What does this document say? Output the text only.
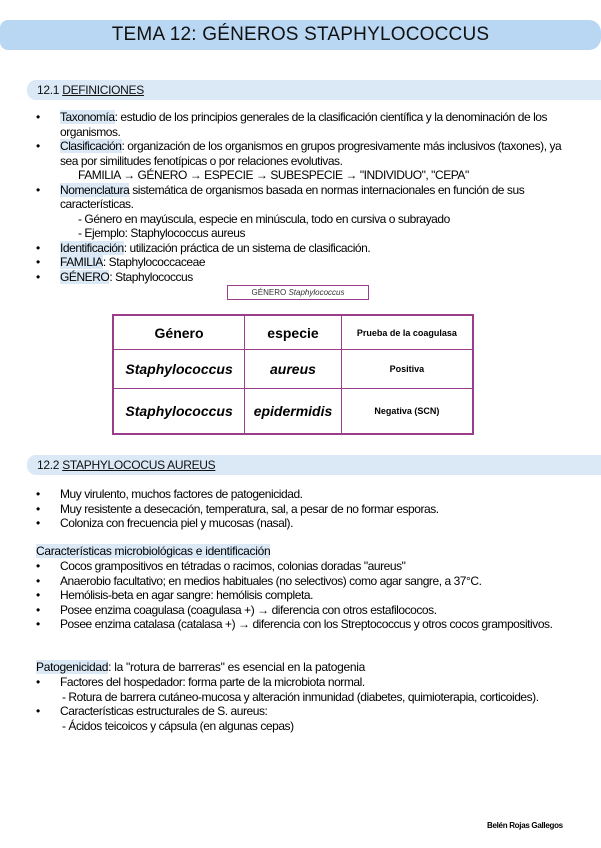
TEMA 12: GÉNEROS STAPHYLOCOCCUS
12.1 DEFINICIONES
• Taxonomía: estudio de los principios generales de la clasificación científica y la denominación de los organismos.
• Clasificación: organización de los organismos en grupos progresivamente más inclusivos (taxones), ya sea por similitudes fenotípicas o por relaciones evolutivas.
FAMILIA → GÉNERO → ESPECIE → SUBESPECIE → "INDIVIDUO", "CEPA"
• Nomenclatura sistemática de organismos basada en normas internacionales en función de sus características.
- Género en mayúscula, especie en minúscula, todo en cursiva o subrayado
- Ejemplo: Staphylococcus aureus
• Identificación: utilización práctica de un sistema de clasificación.
• FAMILIA: Staphylococcaceae
• GÉNERO: Staphylococcus
GÉNERO Staphylococcus
Género	especie	Prueba de la coagulasa
Staphylococcus	aureus	Positiva
Staphylococcus	epidermidis	Negativa (SCN)
12.2 STAPHYLOCOCUS AUREUS
• Muy virulento, muchos factores de patogenicidad.
• Muy resistente a desecación, temperatura, sal, a pesar de no formar esporas.
• Coloniza con frecuencia piel y mucosas (nasal).
Características microbiológicas e identificación
• Cocos grampositivos en tétradas o racimos, colonias doradas "aureus"
• Anaerobio facultativo; en medios habituales (no selectivos) como agar sangre, a 37°C.
• Hemólisis-beta en agar sangre: hemólisis completa.
• Posee enzima coagulasa (coagulasa +) → diferencia con otros estafilococos.
• Posee enzima catalasa (catalasa +) → diferencia con los Streptococcus y otros cocos grampositivos.
Patogenicidad: la "rotura de barreras" es esencial en la patogenia
• Factores del hospedador: forma parte de la microbiota normal.
- Rotura de barrera cutáneo-mucosa y alteración inmunidad (diabetes, quimioterapia, corticoides).
• Características estructurales de S. aureus:
- Ácidos teicoicos y cápsula (en algunas cepas)
Belén Rojas Gallegos
